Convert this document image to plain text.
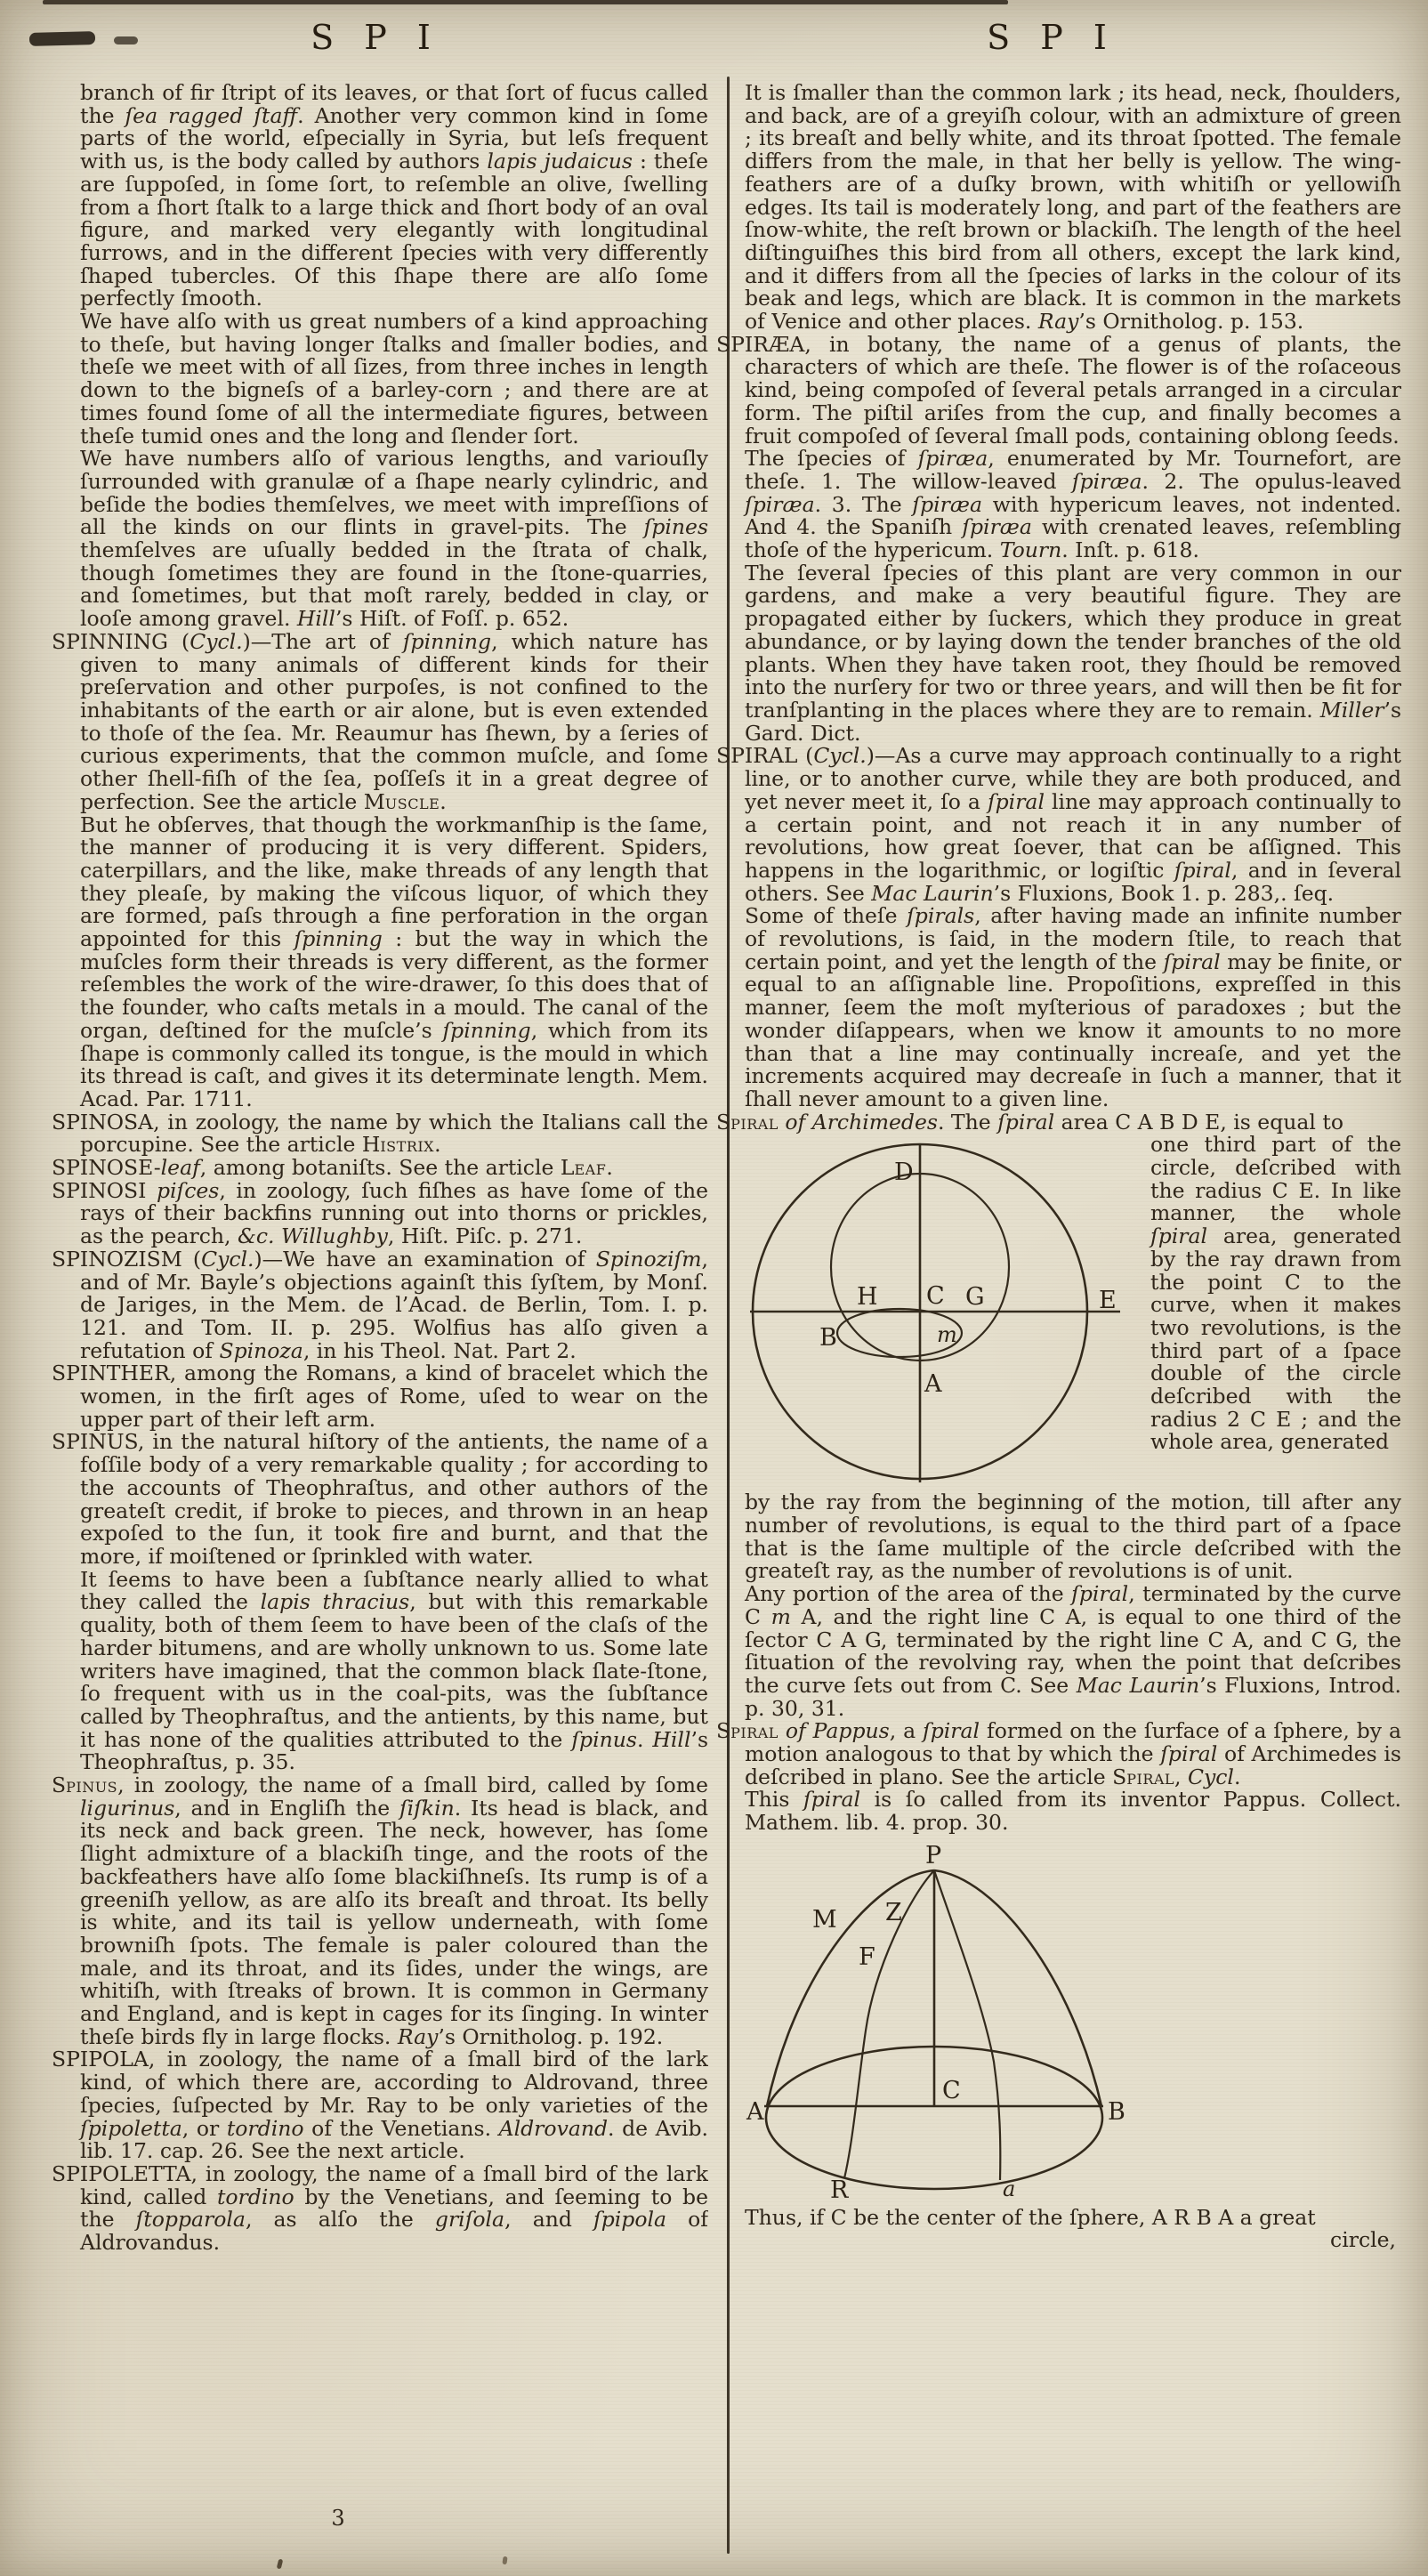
S P I	S P I

branch of fir ſtript of its leaves, or that ſort of fucus called the ſea ragged ſtaff. Another very common kind in ſome parts of the world, eſpecially in Syria, but leſs frequent with us, is the body called by authors lapis judaicus : theſe are ſuppoſed, in ſome ſort, to reſemble an olive, ſwelling from a ſhort ſtalk to a large thick and ſhort body of an oval figure, and marked very elegantly with longitudinal furrows, and in the different ſpecies with very differently ſhaped tubercles. Of this ſhape there are alſo ſome perfectly ſmooth.

We have alſo with us great numbers of a kind approaching to theſe, but having longer ſtalks and ſmaller bodies, and theſe we meet with of all ſizes, from three inches in length down to the bigneſs of a barley-corn ; and there are at times found ſome of all the intermediate figures, between theſe tumid ones and the long and ſlender ſort.

We have numbers alſo of various lengths, and variouſly ſurrounded with granulæ of a ſhape nearly cylindric, and beſide the bodies themſelves, we meet with impreſſions of all the kinds on our flints in gravel-pits. The ſpines themſelves are uſually bedded in the ſtrata of chalk, though ſometimes they are found in the ſtone-quarries, and ſometimes, but that moſt rarely, bedded in clay, or looſe among gravel. Hill’s Hiſt. of Foſſ. p. 652.

SPINNING (Cycl.)—The art of ſpinning, which nature has given to many animals of different kinds for their preſervation and other purpoſes, is not confined to the inhabitants of the earth or air alone, but is even extended to thoſe of the ſea. Mr. Reaumur has ſhewn, by a ſeries of curious experiments, that the common muſcle, and ſome other ſhell-fiſh of the ſea, poſſeſs it in a great degree of perfection. See the article Muscle.

But he obſerves, that though the workmanſhip is the ſame, the manner of producing it is very different. Spiders, caterpillars, and the like, make threads of any length that they pleaſe, by making the viſcous liquor, of which they are formed, paſs through a fine perforation in the organ appointed for this ſpinning : but the way in which the muſcles form their threads is very different, as the former reſembles the work of the wire-drawer, ſo this does that of the founder, who caſts metals in a mould. The canal of the organ, deſtined for the muſcle’s ſpinning, which from its ſhape is commonly called its tongue, is the mould in which its thread is caſt, and gives it its determinate length. Mem. Acad. Par. 1711.

SPINOSA, in zoology, the name by which the Italians call the porcupine. See the article Histrix.

SPINOSE-leaf, among botaniſts. See the article Leaf.

SPINOSI piſces, in zoology, ſuch fiſhes as have ſome of the rays of their backfins running out into thorns or prickles, as the pearch, &c. Willughby, Hiſt. Piſc. p. 271.

SPINOZISM (Cycl.)—We have an examination of Spinoziſm, and of Mr. Bayle’s objections againſt this ſyſtem, by Monſ. de Jariges, in the Mem. de l’Acad. de Berlin, Tom. I. p. 121. and Tom. II. p. 295. Wolfius has alſo given a refutation of Spinoza, in his Theol. Nat. Part 2.

SPINTHER, among the Romans, a kind of bracelet which the women, in the firſt ages of Rome, uſed to wear on the upper part of their left arm.

SPINUS, in the natural hiſtory of the antients, the name of a foſſile body of a very remarkable quality ; for according to the accounts of Theophraſtus, and other authors of the greateſt credit, if broke to pieces, and thrown in an heap expoſed to the ſun, it took fire and burnt, and that the more, if moiſtened or ſprinkled with water.

It ſeems to have been a ſubſtance nearly allied to what they called the lapis thracius, but with this remarkable quality, both of them ſeem to have been of the claſs of the harder bitumens, and are wholly unknown to us. Some late writers have imagined, that the common black ſlate-ſtone, ſo frequent with us in the coal-pits, was the ſubſtance called by Theophraſtus, and the antients, by this name, but it has none of the qualities attributed to the ſpinus. Hill’s Theophraſtus, p. 35.

Spinus, in zoology, the name of a ſmall bird, called by ſome ligurinus, and in Engliſh the ſiſkin. Its head is black, and its neck and back green. The neck, however, has ſome ſlight admixture of a blackiſh tinge, and the roots of the backfeathers have alſo ſome blackiſhneſs. Its rump is of a greeniſh yellow, as are alſo its breaſt and throat. Its belly is white, and its tail is yellow underneath, with ſome browniſh ſpots. The female is paler coloured than the male, and its throat, and its ſides, under the wings, are whitiſh, with ſtreaks of brown. It is common in Germany and England, and is kept in cages for its ſinging. In winter theſe birds fly in large flocks. Ray’s Ornitholog. p. 192.

SPIPOLA, in zoology, the name of a ſmall bird of the lark kind, of which there are, according to Aldrovand, three ſpecies, ſuſpected by Mr. Ray to be only varieties of the ſpipoletta, or tordino of the Venetians. Aldrovand. de Avib. lib. 17. cap. 26. See the next article.

SPIPOLETTA, in zoology, the name of a ſmall bird of the lark kind, called tordino by the Venetians, and ſeeming to be the ſtopparola, as alſo the griſola, and ſpipola of Aldrovandus.

It is ſmaller than the common lark ; its head, neck, ſhoulders, and back, are of a greyiſh colour, with an admixture of green ; its breaſt and belly white, and its throat ſpotted. The female differs from the male, in that her belly is yellow. The wing-feathers are of a duſky brown, with whitiſh or yellowiſh edges. Its tail is moderately long, and part of the feathers are ſnow-white, the reſt brown or blackiſh. The length of the heel diſtinguiſhes this bird from all others, except the lark kind, and it differs from all the ſpecies of larks in the colour of its beak and legs, which are black. It is common in the markets of Venice and other places. Ray’s Ornitholog. p. 153.

SPIRÆA, in botany, the name of a genus of plants, the characters of which are theſe. The flower is of the roſaceous kind, being compoſed of ſeveral petals arranged in a circular form. The piſtil ariſes from the cup, and finally becomes a fruit compoſed of ſeveral ſmall pods, containing oblong ſeeds.

The ſpecies of ſpiræa, enumerated by Mr. Tournefort, are theſe. 1. The willow-leaved ſpiræa. 2. The opulus-leaved ſpiræa. 3. The ſpiræa with hypericum leaves, not indented. And 4. the Spaniſh ſpiræa with crenated leaves, reſembling thoſe of the hypericum. Tourn. Inſt. p. 618.

The ſeveral ſpecies of this plant are very common in our gardens, and make a very beautiful figure. They are propagated either by ſuckers, which they produce in great abundance, or by laying down the tender branches of the old plants. When they have taken root, they ſhould be removed into the nurſery for two or three years, and will then be fit for tranſplanting in the places where they are to remain. Miller’s Gard. Dict.

SPIRAL (Cycl.)—As a curve may approach continually to a right line, or to another curve, while they are both produced, and yet never meet it, ſo a ſpiral line may approach continually to a certain point, and not reach it in any number of revolutions, how great ſoever, that can be aſſigned. This happens in the logarithmic, or logiſtic ſpiral, and in ſeveral others. See Mac Laurin’s Fluxions, Book 1. p. 283,. ſeq.

Some of theſe ſpirals, after having made an infinite number of revolutions, is ſaid, in the modern ſtile, to reach that certain point, and yet the length of the ſpiral may be finite, or equal to an aſſignable line. Propoſitions, expreſſed in this manner, ſeem the moſt myſterious of paradoxes ; but the wonder diſappears, when we know it amounts to no more than that a line may continually increaſe, and yet the increments acquired may decreaſe in ſuch a manner, that it ſhall never amount to a given line.

Spiral of Archimedes. The ſpiral area C A B D E, is equal to

D
H C G	E
B	m
A
one third part of the circle, deſcribed with the radius C E. In like manner, the whole ſpiral area, generated by the ray drawn from the point C to the curve, when it makes two revolutions, is the third part of a ſpace double of the circle deſcribed with the radius 2 C E ; and the whole area, generated

by the ray from the beginning of the motion, till after any number of revolutions, is equal to the third part of a ſpace that is the ſame multiple of the circle deſcribed with the greateſt ray, as the number of revolutions is of unit.

Any portion of the area of the ſpiral, terminated by the curve C m A, and the right line C A, is equal to one third of the ſector C A G, terminated by the right line C A, and C G, the ſituation of the revolving ray, when the point that deſcribes the curve ſets out from C. See Mac Laurin’s Fluxions, Introd. p. 30, 31.

Spiral of Pappus, a ſpiral formed on the ſurface of a ſphere, by a motion analogous to that by which the ſpiral of Archimedes is deſcribed in plano. See the article Spiral, Cycl.

This ſpiral is ſo called from its inventor Pappus. Collect. Mathem. lib. 4. prop. 30.

P
M Z
F
A
C
B
R	a

Thus, if C be the center of the ſphere, A R B A a great
circle,

3
